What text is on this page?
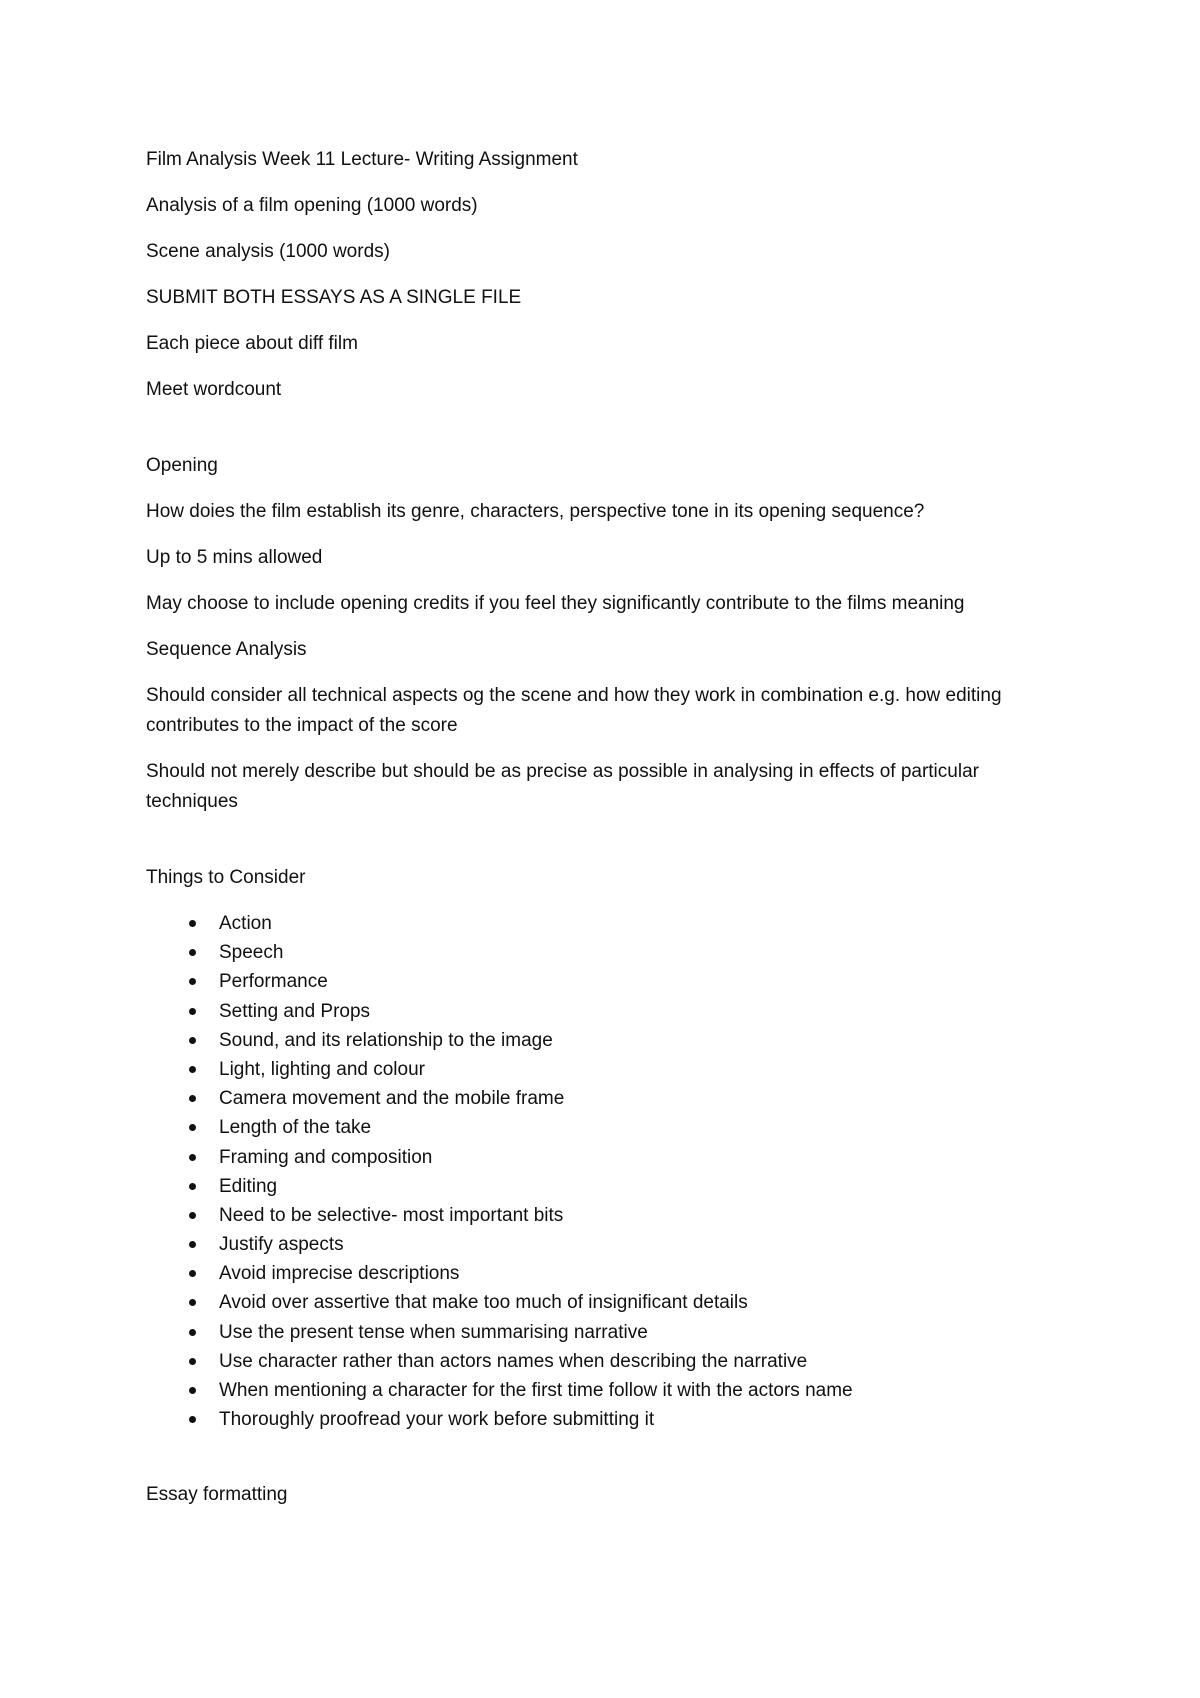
Film Analysis Week 11 Lecture- Writing Assignment

Analysis of a film opening (1000 words)

Scene analysis (1000 words)

SUBMIT BOTH ESSAYS AS A SINGLE FILE

Each piece about diff film

Meet wordcount

Opening

How doies the film establish its genre, characters, perspective tone in its opening sequence?

Up to 5 mins allowed

May choose to include opening credits if you feel they significantly contribute to the films meaning

Sequence Analysis

Should consider all technical aspects og the scene and how they work in combination e.g. how editing contributes to the impact of the score

Should not merely describe but should be as precise as possible in analysing in effects of particular techniques

Things to Consider

Action
Speech
Performance
Setting and Props
Sound, and its relationship to the image
Light, lighting and colour
Camera movement and the mobile frame
Length of the take
Framing and composition
Editing
Need to be selective- most important bits
Justify aspects
Avoid imprecise descriptions
Avoid over assertive that make too much of insignificant details
Use the present tense when summarising narrative
Use character rather than actors names when describing the narrative
When mentioning a character for the first time follow it with the actors name
Thoroughly proofread your work before submitting it

Essay formatting
